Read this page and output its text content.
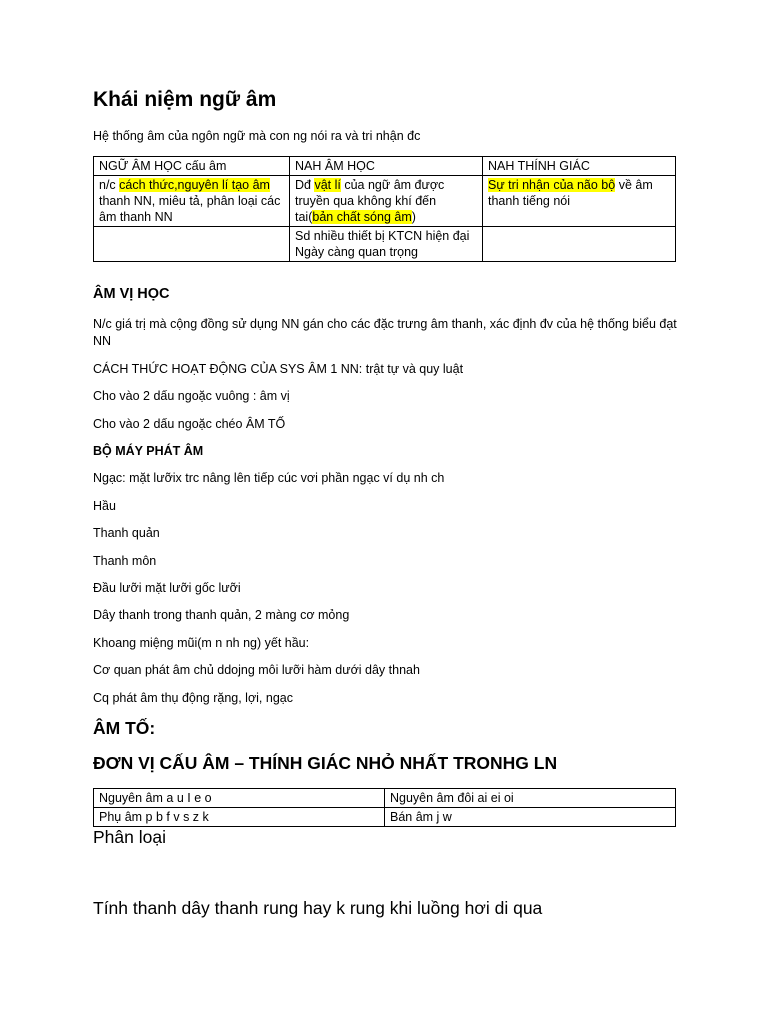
Khái niệm ngữ âm
Hệ thống âm của ngôn ngữ mà con ng nói ra và tri nhận đc
NGỮ ÂM HỌC cấu âm	NAH ÂM HỌC	NAH THÍNH GIÁC
n/c cách thức,nguyên lí tạo âm thanh NN, miêu tả, phân loại các âm thanh NN	Dđ vật lí của ngữ âm được truyền qua không khí đến tai(bản chất sóng âm)	Sự tri nhận của não bộ về âm thanh tiếng nói
	Sd nhiều thiết bị KTCN hiện đại Ngày càng quan trọng	
ÂM VỊ HỌC
N/c giá trị mà cộng đồng sử dụng NN gán cho các đặc trưng âm thanh, xác định đv của hệ thống biểu đạt NN
CÁCH THỨC HOẠT ĐỘNG CỦA SYS ÂM 1 NN: trật tự và quy luật
Cho vào 2 dấu ngoặc vuông : âm vị
Cho vào 2 dấu ngoặc chéo ÂM TỐ
BỘ MÁY PHÁT ÂM
Ngạc: mặt lưỡix trc nâng lên tiếp cúc vơi phần ngạc ví dụ nh ch
Hầu
Thanh quản
Thanh môn
Đầu lưỡi mặt lưỡi gốc lưỡi
Dây thanh trong thanh quản, 2 màng cơ mỏng
Khoang miệng mũi(m n nh ng) yết hầu:
Cơ quan phát âm chủ ddojng môi lưỡi hàm dưới dây thnah
Cq phát âm thụ động rặng, lợi, ngạc
ÂM TỐ:
ĐƠN VỊ CẤU ÂM – THÍNH GIÁC NHỎ NHẤT TRONHG LN
Nguyên âm a u I e o	Nguyên âm đôi ai ei oi
Phụ âm p b f v s z k	Bán âm j w
Phân loại
Tính thanh dây thanh rung hay k rung khi luồng hơi di qua
